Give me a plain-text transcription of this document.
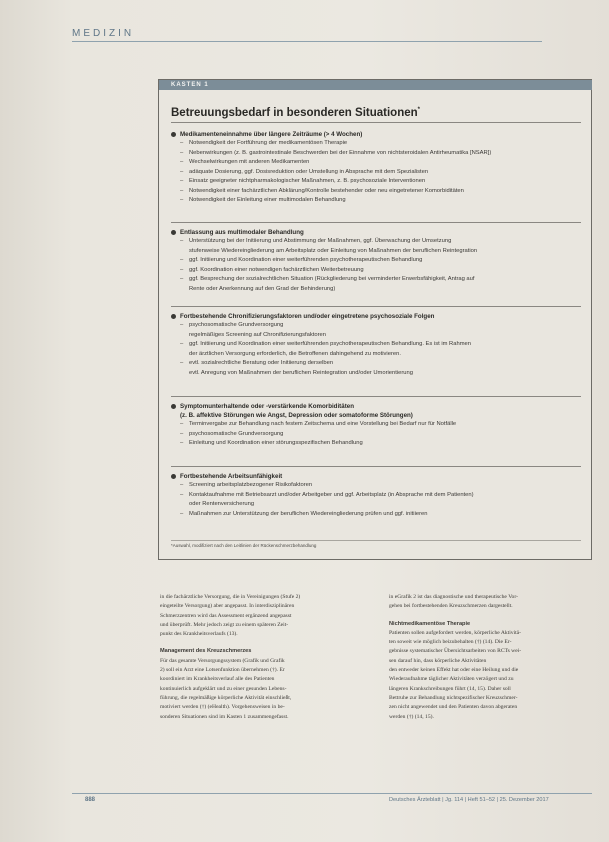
MEDIZIN
KASTEN 1
Betreuungsbedarf in besonderen Situationen*
Medikamenteneinnahme über längere Zeiträume (> 4 Wochen)
– Notwendigkeit der Fortführung der medikamentösen Therapie
– Nebenwirkungen (z. B. gastrointestinale Beschwerden bei der Einnahme von nichtsteroidalen Antirheumatika [NSAR])
– Wechselwirkungen mit anderen Medikamenten
– adäquate Dosierung, ggf. Dosisreduktion oder Umstellung in Absprache mit dem Spezialisten
– Einsatz geeigneter nichtpharmakologischer Maßnahmen, z. B. psychosoziale Interventionen
– Notwendigkeit einer fachärztlichen Abklärung/Kontrolle bestehender oder neu eingetretener Komorbiditäten
– Notwendigkeit der Einleitung einer multimodalen Behandlung
Entlassung aus multimodaler Behandlung
– Unterstützung bei der Initiierung und Abstimmung der Maßnahmen, ggf. Überwachung der Umsetzung
stufenweise Wiedereingliederung am Arbeitsplatz oder Einleitung von Maßnahmen der beruflichen Reintegration
– ggf. Initiierung und Koordination einer weiterführenden psychotherapeutischen Behandlung
– ggf. Koordination einer notwendigen fachärztlichen Weiterbetreuung
– ggf. Besprechung der sozialrechtlichen Situation (Rückgliederung bei verminderter Erwerbsfähigkeit, Antrag auf
Rente oder Anerkennung auf den Grad der Behinderung)
Fortbestehende Chronifizierungsfaktoren und/oder eingetretene psychosoziale Folgen
– psychosomatische Grundversorgung
regelmäßiges Screening auf Chronifizierungsfaktoren
– ggf. Initiierung und Koordination einer weiterführenden psychotherapeutischen Behandlung. Es ist im Rahmen
der ärztlichen Versorgung erforderlich, die Betroffenen dahingehend zu motivieren.
– evtl. sozialrechtliche Beratung oder Initiierung derselben
evtl. Anregung von Maßnahmen der beruflichen Reintegration und/oder Umorientierung
Symptomunterhaltende oder -verstärkende Komorbiditäten
(z. B. affektive Störungen wie Angst, Depression oder somatoforme Störungen)
– Terminvergabe zur Behandlung nach festem Zeitschema und eine Vorstellung bei Bedarf nur für Notfälle
– psychosomatische Grundversorgung
– Einleitung und Koordination einer störungsspezifischen Behandlung
Fortbestehende Arbeitsunfähigkeit
– Screening arbeitsplatzbezogener Risikofaktoren
– Kontaktaufnahme mit Betriebsarzt und/oder Arbeitgeber und ggf. Arbeitsplatz (in Absprache mit dem Patienten)
oder Rentenversicherung
– Maßnahmen zur Unterstützung der beruflichen Wiedereingliederung prüfen und ggf. initiieren
*Auswahl, modifiziert nach den Leitlinien der Rückenschmerzbehandlung

in die fachärztliche Versorgung, die in Vereinigungen (Stufe 2)

eingeteilte Versorgung) aber angepasst. In interdisziplinären

Schmerzzentren wird das Assessment ergänzend angepasst

und überprüft. Mehr jedoch zeigt zu einem späteren Zeit-

punkt des Krankheitsverlaufs (13).

Management des Kreuzschmerzes

Für das gesamte Versorgungssystem (Grafik und Grafik

2) soll ein Arzt eine Lotsenfunktion übernehmen (†). Er

koordiniert im Krankheitsverlauf alle des Patienten

kontinuierlich aufgeklärt und zu einer gesunden Lebens-

führung, die regelmäßige körperliche Aktivität einschließt,

motiviert werden (†) (eHealth). Vorgehensweisen in be-

sonderen Situationen sind im Kasten 1 zusammengefasst.

in eGrafik 2 ist das diagnostische und therapeutische Vor-

gehen bei fortbestehenden Kreuzschmerzen dargestellt.

Nichtmedikamentöse Therapie

Patienten sollen aufgefordert werden, körperliche Aktivitä-

ten soweit wie möglich beizubehalten (†) (14). Die Er-

gebnisse systematischer Übersichtsarbeiten von RCTs wei-

sen darauf hin, dass körperliche Aktivitäten

den entweder keinen Effekt hat oder eine Heilung und die

Wiederaufnahme täglicher Aktivitäten verzögert und zu

längeren Krankschreibungen führt (14, 15). Daher soll

Bettruhe zur Behandlung nichtspezifischer Kreuzschmer-

zen nicht angewendet und den Patienten davon abgeraten

werden (†) (14, 15).

888	Deutsches Ärzteblatt | Jg. 114 | Heft 51–52 | 25. Dezember 2017
